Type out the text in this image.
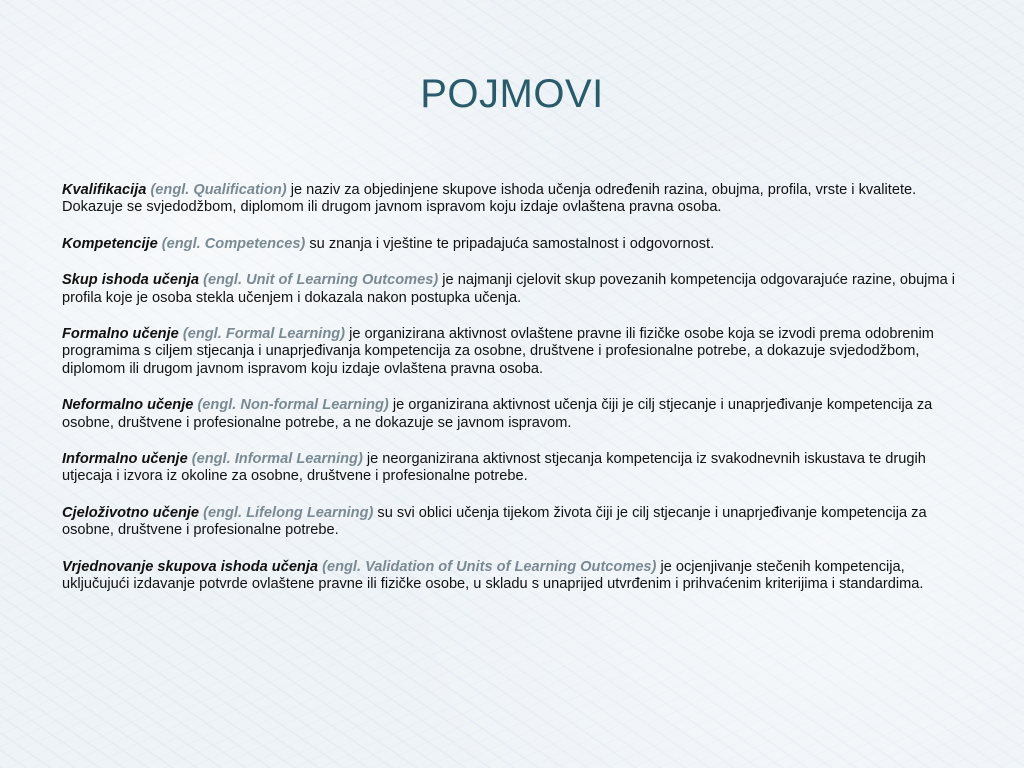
POJMOVI

Kvalifikacija (engl. Qualification) je naziv za objedinjene skupove ishoda učenja određenih razina, obujma, profila, vrste i kvalitete. Dokazuje se svjedodžbom, diplomom ili drugom javnom ispravom koju izdaje ovlaštena pravna osoba.

Kompetencije (engl. Competences) su znanja i vještine te pripadajuća samostalnost i odgovornost.

Skup ishoda učenja (engl. Unit of Learning Outcomes) je najmanji cjelovit skup povezanih kompetencija odgovarajuće razine, obujma i profila koje je osoba stekla učenjem i dokazala nakon postupka učenja.

Formalno učenje (engl. Formal Learning) je organizirana aktivnost ovlaštene pravne ili fizičke osobe koja se izvodi prema odobrenim programima s ciljem stjecanja i unaprjeđivanja kompetencija za osobne, društvene i profesionalne potrebe, a dokazuje svjedodžbom, diplomom ili drugom javnom ispravom koju izdaje ovlaštena pravna osoba.

Neformalno učenje (engl. Non-formal Learning) je organizirana aktivnost učenja čiji je cilj stjecanje i unaprjeđivanje kompetencija za osobne, društvene i profesionalne potrebe, a ne dokazuje se javnom ispravom.

Informalno učenje (engl. Informal Learning) je neorganizirana aktivnost stjecanja kompetencija iz svakodnevnih iskustava te drugih utjecaja i izvora iz okoline za osobne, društvene i profesionalne potrebe.

Cjeloživotno učenje (engl. Lifelong Learning) su svi oblici učenja tijekom života čiji je cilj stjecanje i unaprjeđivanje kompetencija za osobne, društvene i profesionalne potrebe.

Vrjednovanje skupova ishoda učenja (engl. Validation of Units of Learning Outcomes) je ocjenjivanje stečenih kompetencija, uključujući izdavanje potvrde ovlaštene pravne ili fizičke osobe, u skladu s unaprijed utvrđenim i prihvaćenim kriterijima i standardima.
